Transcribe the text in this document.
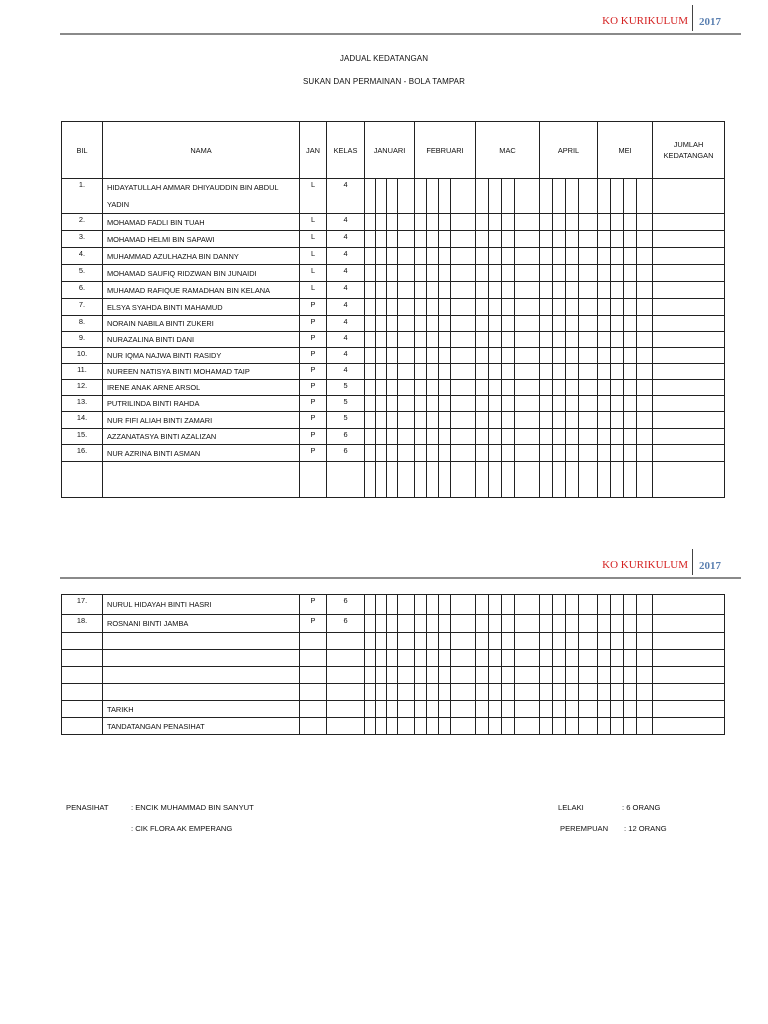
KO KURIKULUM 2017
JADUAL KEDATANGAN
SUKAN DAN PERMAINAN - BOLA TAMPAR
BIL	NAMA	JAN	KELAS	JANUARI				FEBRUARI				MAC				APRIL				MEI				JUMLAH KEDATANGAN
1.	HIDAYATULLAH AMMAR DHIYAUDDIN BIN ABDUL YADIN	L	4																					
2.	MOHAMAD FADLI BIN TUAH	L	4																					
3.	MOHAMAD HELMI BIN SAPAWI	L	4																					
4.	MUHAMMAD AZULHAZHA BIN DANNY	L	4																					
5.	MOHAMAD SAUFIQ RIDZWAN BIN JUNAIDI	L	4																					
6.	MUHAMAD RAFIQUE RAMADHAN BIN KELANA	L	4																					
7.	ELSYA SYAHDA BINTI MAHAMUD	P	4																					
8.	NORAIN NABILA BINTI ZUKERI	P	4																					
9.	NURAZALINA BINTI DANI	P	4																					
10.	NUR IQMA NAJWA BINTI RASIDY	P	4																					
11.	NUREEN NATISYA BINTI MOHAMAD TAIP	P	4																					
12.	IRENE ANAK ARNE ARSOL	P	5																					
13.	PUTRILINDA BINTI RAHDA	P	5																					
14.	NUR FIFI ALIAH BINTI ZAMARI	P	5																					
15.	AZZANATASYA BINTI AZALIZAN	P	6																					
16.	NUR AZRINA BINTI ASMAN	P	6																					

KO KURIKULUM 2017
17.	NURUL HIDAYAH BINTI HASRI	P	6																					
18.	ROSNANI BINTI JAMBA	P	6																					

	TARIKH																							
	TANDATANGAN PENASIHAT																							
PENASIHAT	: ENCIK MUHAMMAD BIN SANYUT
: CIK FLORA AK EMPERANG
LELAKI	: 6 ORANG
PEREMPUAN : 12 ORANG
